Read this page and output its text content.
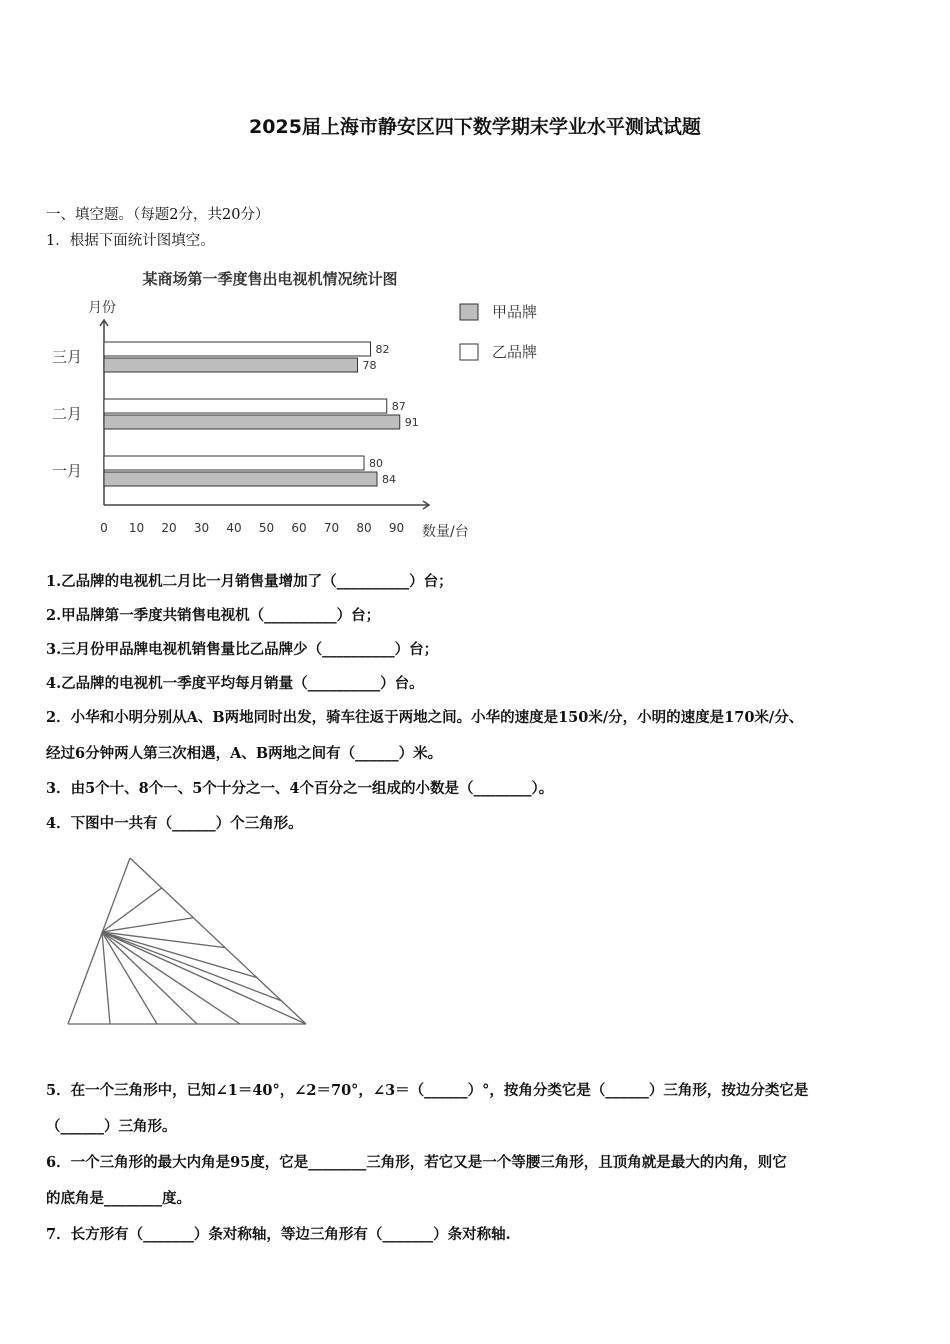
2025届上海市静安区四下数学期末学业水平测试试题
一、填空题。（每题2分，共20分）
1．根据下面统计图填空。
某商场第一季度售出电视机情况统计图
月份	甲品牌
乙品牌
0 10 20 30 40 50 60 70 80 90
三月	82
78
二月	87
91
一月	80
84
数量/台
1.乙品牌的电视机二月比一月销售量增加了（__________）台；
2.甲品牌第一季度共销售电视机（__________）台；
3.三月份甲品牌电视机销售量比乙品牌少（__________）台；
4.乙品牌的电视机一季度平均每月销量（__________）台。
2．小华和小明分别从A、B两地同时出发，骑车往返于两地之间。小华的速度是150米/分，小明的速度是170米/分、
经过6分钟两人第三次相遇，A、B两地之间有（______）米。
3．由5个十、8个一、5个十分之一、4个百分之一组成的小数是（________）。
4．下图中一共有（______）个三角形。
5．在一个三角形中，已知∠1＝40°，∠2＝70°，∠3＝（______）°，按角分类它是（______）三角形，按边分类它是
（______）三角形。
6．一个三角形的最大内角是95度，它是________三角形，若它又是一个等腰三角形，且顶角就是最大的内角，则它
的底角是________度。
7．长方形有（_______）条对称轴，等边三角形有（_______）条对称轴.
